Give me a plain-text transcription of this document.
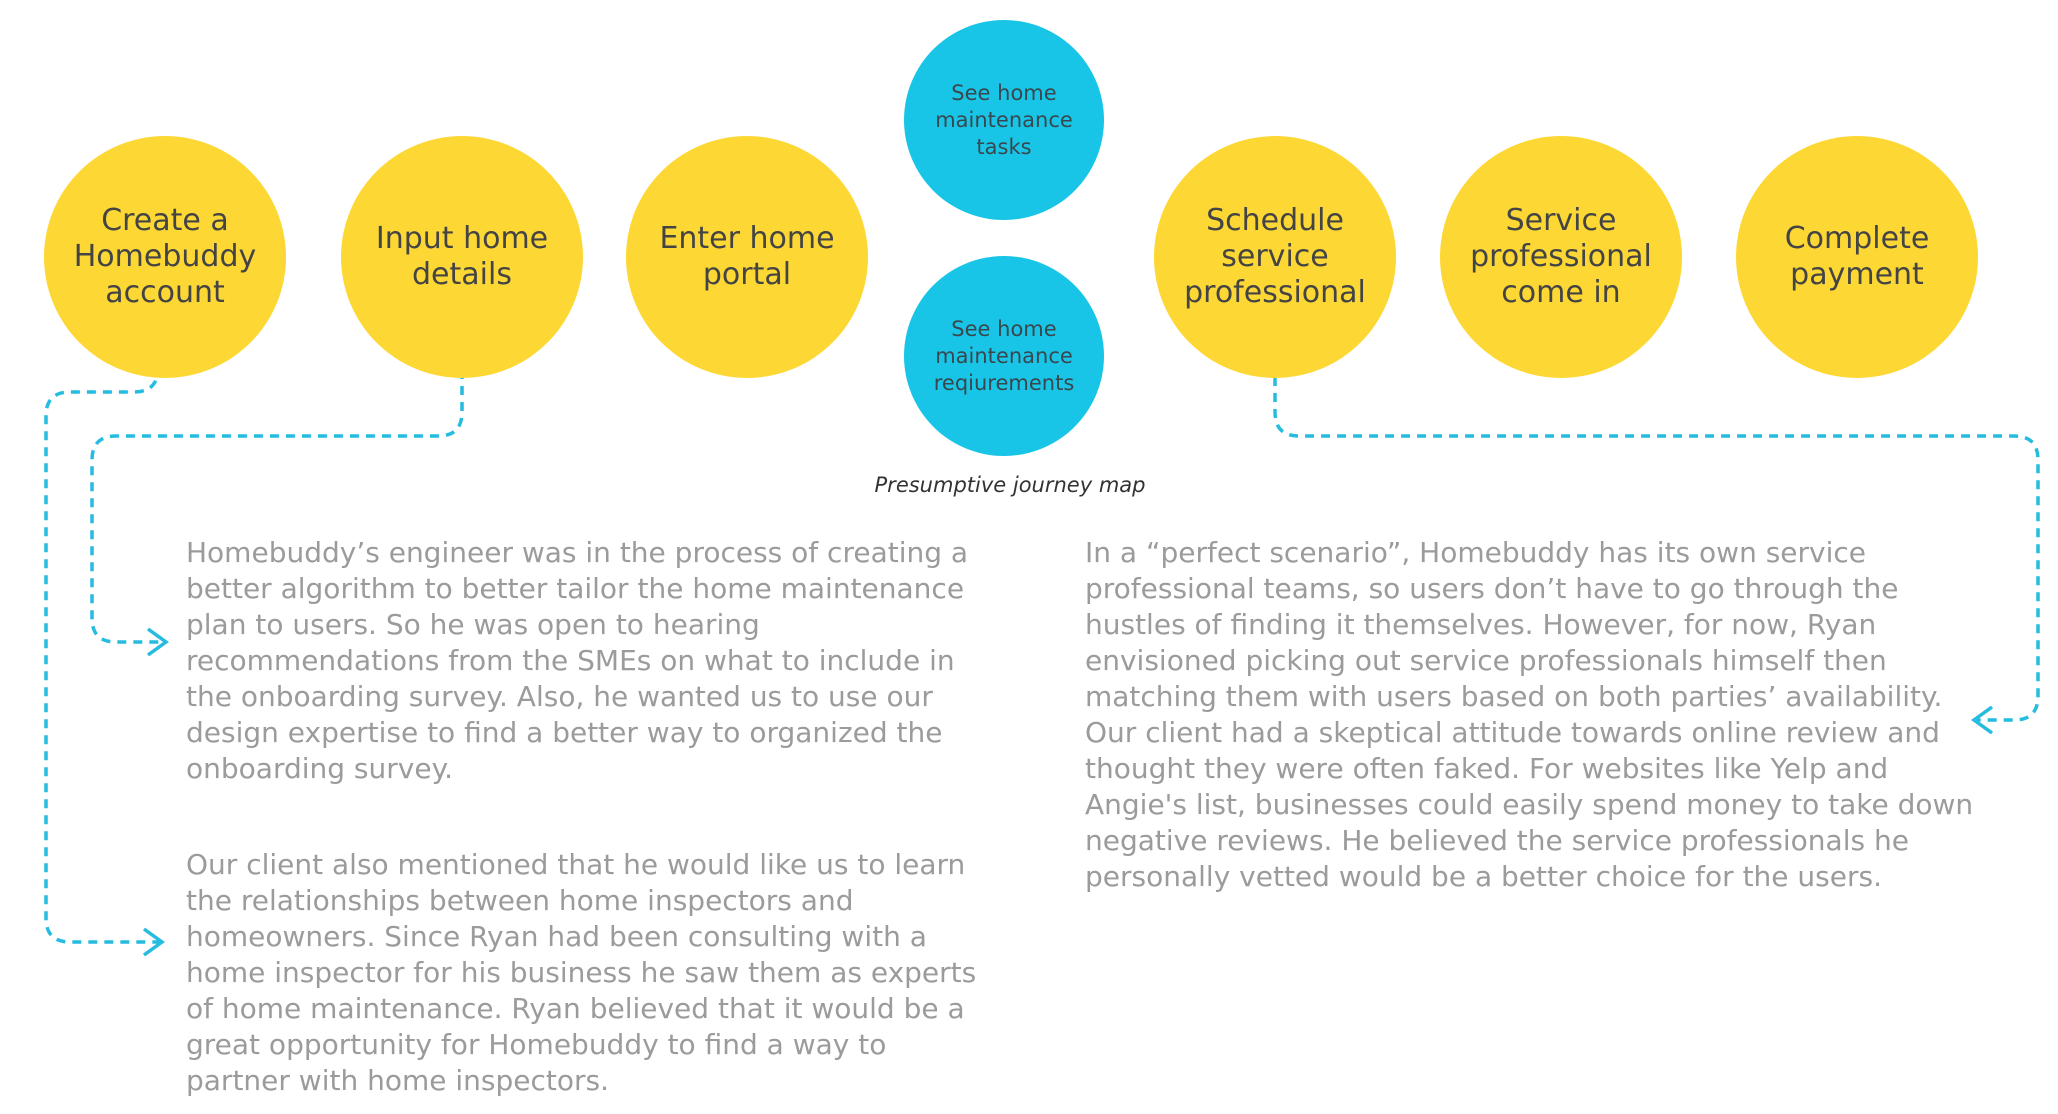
Create a Homebuddy account
Input home details
Enter home portal
See home maintenance tasks
See home maintenance reqiurements
Schedule service professional
Service professional come in
Complete payment
Presumptive journey map

Homebuddy’s engineer was in the process of creating a better algorithm to better tailor the home maintenance plan to users. So he was open to hearing recommendations from the SMEs on what to include in the onboarding survey. Also, he wanted us to use our design expertise to find a better way to organized the onboarding survey.

Our client also mentioned that he would like us to learn the relationships between home inspectors and homeowners. Since Ryan had been consulting with a home inspector for his business he saw them as experts of home maintenance. Ryan believed that it would be a great opportunity for Homebuddy to find a way to partner with home inspectors.

In a “perfect scenario”, Homebuddy has its own service professional teams, so users don’t have to go through the hustles of finding it themselves. However, for now, Ryan envisioned picking out service professionals himself then matching them with users based on both parties’ availability. Our client had a skeptical attitude towards online review and thought they were often faked. For websites like Yelp and Angie's list, businesses could easily spend money to take down negative reviews. He believed the service professionals he personally vetted would be a better choice for the users.
